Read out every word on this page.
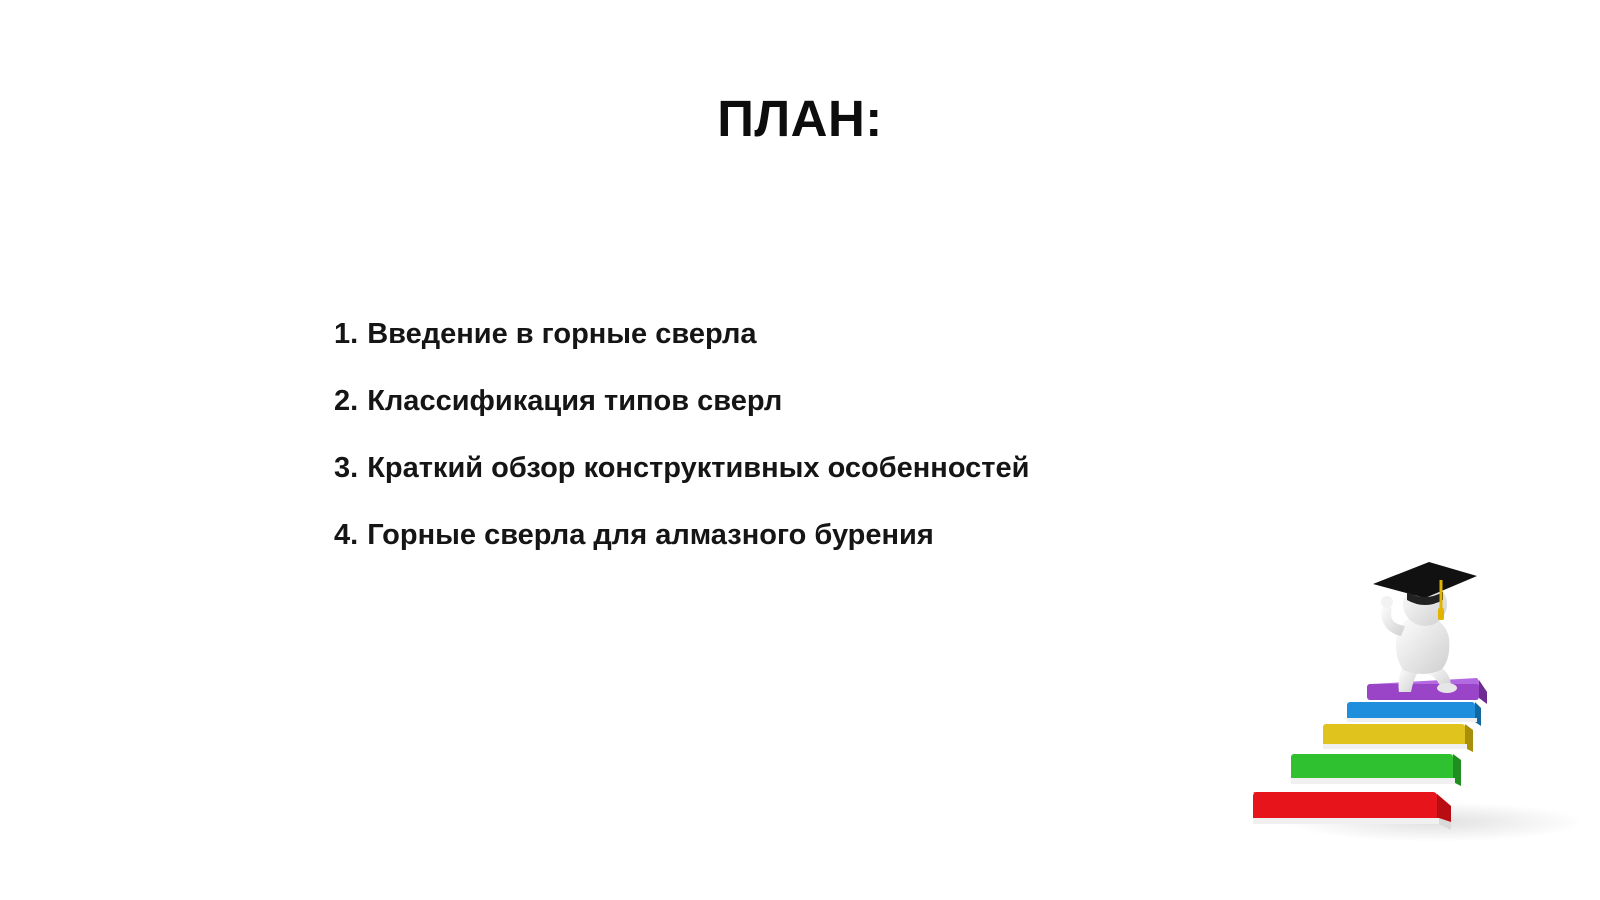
ПЛАН:
1. Введение в горные сверла
2. Классификация типов сверл
3. Краткий обзор конструктивных особенностей
4. Горные сверла для алмазного бурения
